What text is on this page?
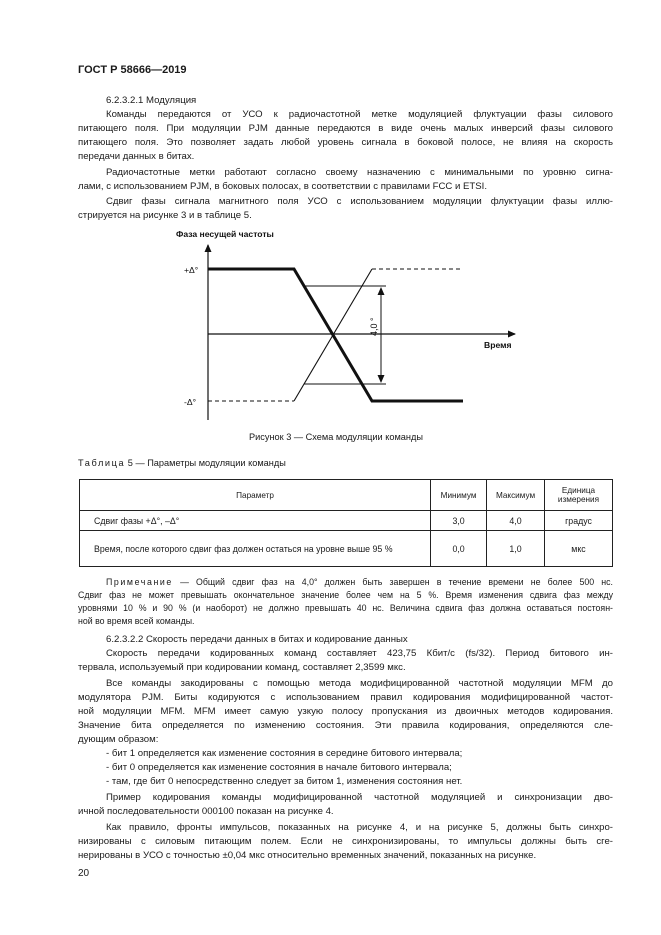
ГОСТ Р 58666—2019
6.2.3.2.1 Модуляция
Команды передаются от УСО к радиочастотной метке модуляцией флуктуации фазы силового
питающего поля. При модуляции PJM данные передаются в виде очень малых инверсий фазы силового
питающего поля. Это позволяет задать любой уровень сигнала в боковой полосе, не влияя на скорость
передачи данных в битах.
Радиочастотные метки работают согласно своему назначению с минимальными по уровню сигна-
лами, с использованием PJM, в боковых полосах, в соответствии с правилами FCC и ETSI.
Сдвиг фазы сигнала магнитного поля УСО с использованием модуляции флуктуации фазы иллю-
стрируется на рисунке 3 и в таблице 5.
4,0 °
Фаза несущей частоты
Время
+Δ°
-Δ°
Рисунок 3 — Схема модуляции команды
Таблица 5 — Параметры модуляции команды
Параметр	Минимум	Максимум	Единица измерения
Сдвиг фазы +Δ°, –Δ°	3,0	4,0	градус
Время, после которого сдвиг фаз должен остаться на уровне выше 95 %	0,0	1,0	мкс
Примечание — Общий сдвиг фаз на 4,0° должен быть завершен в течение времени не более 500 нс.
Сдвиг фаз не может превышать окончательное значение более чем на 5 %. Время изменения сдвига фаз между
уровнями 10 % и 90 % (и наоборот) не должно превышать 40 нс. Величина сдвига фаз должна оставаться постоян-
ной во время всей команды.
6.2.3.2.2 Скорость передачи данных в битах и кодирование данных
Скорость передачи кодированных команд составляет 423,75 Кбит/с (fs/32). Период битового ин-
тервала, используемый при кодировании команд, составляет 2,3599 мкс.
Все команды закодированы с помощью метода модифицированной частотной модуляции MFM до
модулятора PJM. Биты кодируются с использованием правил кодирования модифицированной частот-
ной модуляции MFM. MFM имеет самую узкую полосу пропускания из двоичных методов кодирования.
Значение бита определяется по изменению состояния. Эти правила кодирования, определяются сле-
дующим образом:
- бит 1 определяется как изменение состояния в середине битового интервала;
- бит 0 определяется как изменение состояния в начале битового интервала;
- там, где бит 0 непосредственно следует за битом 1, изменения состояния нет.
Пример кодирования команды модифицированной частотной модуляцией и синхронизации дво-
ичной последовательности 000100 показан на рисунке 4.
Как правило, фронты импульсов, показанных на рисунке 4, и на рисунке 5, должны быть синхро-
низированы с силовым питающим полем. Если не синхронизированы, то импульсы должны быть сге-
нерированы в УСО с точностью ±0,04 мкс относительно временных значений, показанных на рисунке.
20
